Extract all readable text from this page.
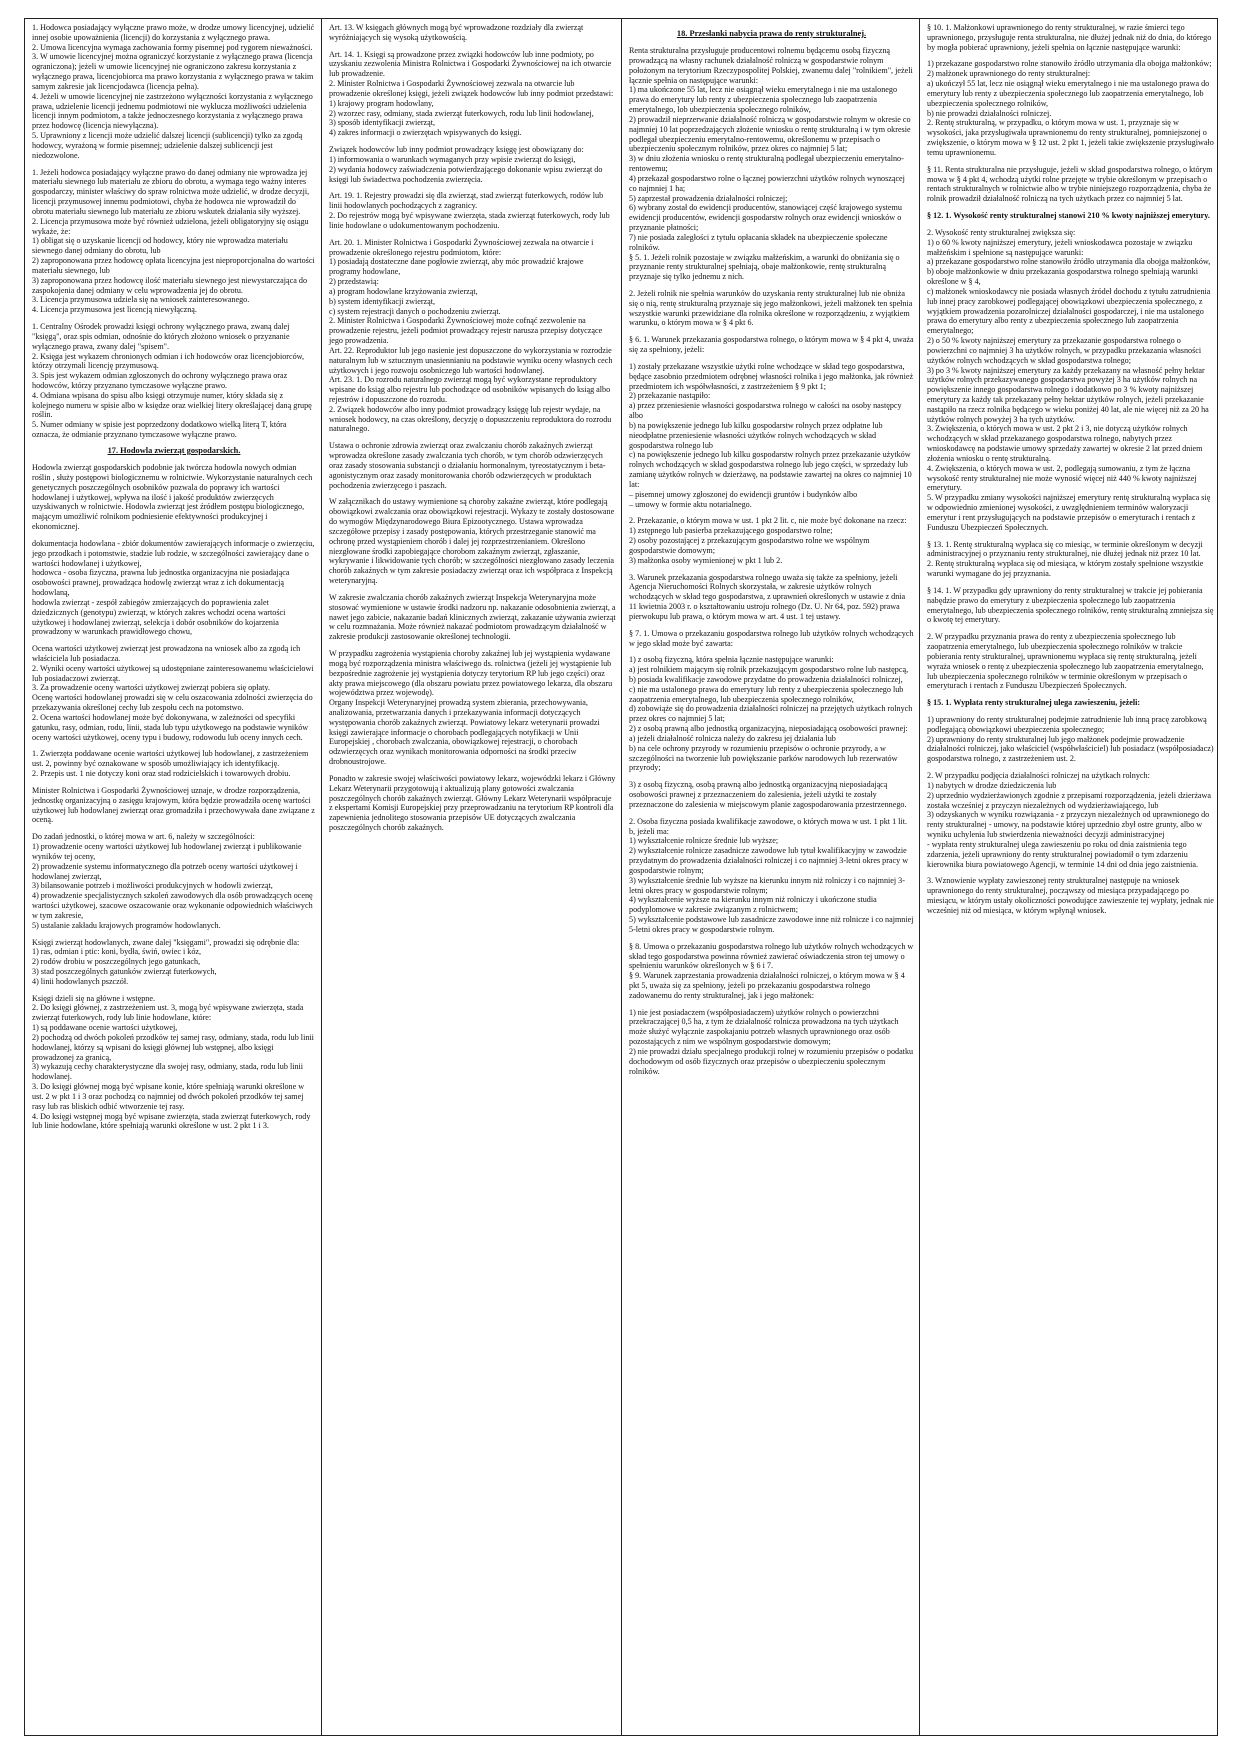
1. Hodowca posiadający wyłączne prawo może, w drodze umowy licencyjnej, udzielić innej osobie upoważnienia (licencji) do korzystania z wyłącznego prawa.
2. Umowa licencyjna wymaga zachowania formy pisemnej pod rygorem nieważności.
3. W umowie licencyjnej można ograniczyć korzystanie z wyłącznego prawa (licencja ograniczona); jeżeli w umowie licencyjnej nie ograniczono zakresu korzystania z wyłącznego prawa, licencjobiorca ma prawo korzystania z wyłącznego prawa w takim samym zakresie jak licencjodawca (licencja pełna).
4. Jeżeli w umowie licencyjnej nie zastrzeżono wyłączności korzystania z wyłącznego prawa, udzielenie licencji jednemu podmiotowi nie wyklucza możliwości udzielenia licencji innym podmiotom, a także jednoczesnego korzystania z wyłącznego prawa przez hodowcę (licencja niewyłączna).
5. Uprawniony z licencji może udzielić dalszej licencji (sublicencji) tylko za zgodą hodowcy, wyrażoną w formie pisemnej; udzielenie dalszej sublicencji jest niedozwolone.

1. Jeżeli hodowca posiadający wyłączne prawo do danej odmiany nie wprowadza jej materiału siewnego lub materiału ze zbioru do obrotu, a wymaga tego ważny interes gospodarczy, minister właściwy do spraw rolnictwa może udzielić, w drodze decyzji, licencji przymusowej innemu podmiotowi, chyba że hodowca nie wprowadził do obrotu materiału siewnego lub materiału ze zbioru wskutek działania siły wyższej.
2. Licencja przymusowa może być również udzielona, jeżeli obligatoryjny się osiągu wykaże, że:
1) obligat się o uzyskanie licencji od hodowcy, który nie wprowadza materiału siewnego danej odmiany do obrotu, lub
2) zaproponowana przez hodowcę opłata licencyjna jest nieproporcjonalna do wartości materiału siewnego, lub
3) zaproponowana przez hodowcę ilość materiału siewnego jest niewystarczająca do zaspokojenia danej odmiany w celu wprowadzenia jej do obrotu.
3. Licencja przymusowa udziela się na wniosek zainteresowanego.
4. Licencja przymusowa jest licencją niewyłączną.

1. Centralny Ośrodek prowadzi księgi ochrony wyłącznego prawa, zwaną dalej "księgą", oraz spis odmian, odnośnie do których złożono wniosek o przyznanie wyłącznego prawa, zwany dalej "spisem".
2. Księga jest wykazem chronionych odmian i ich hodowców oraz licencjobiorców, którzy otrzymali licencję przymusową.
3. Spis jest wykazem odmian zgłoszonych do ochrony wyłącznego prawa oraz hodowców, którzy przyznano tymczasowe wyłączne prawo.
4. Odmiana wpisana do spisu albo księgi otrzymuje numer, który składa się z kolejnego numeru w spisie albo w księdze oraz wielkiej litery określającej daną grupę roślin.
5. Numer odmiany w spisie jest poprzedzony dodatkowo wielką literą T, która oznacza, że odmianie przyznano tymczasowe wyłączne prawo.

17. Hodowla zwierząt gospodarskich.

Hodowla zwierząt gospodarskich podobnie jak twórcza hodowla nowych odmian roślin , służy postępowi biologicznemu w rolnictwie. Wykorzystanie naturalnych cech genetycznych poszczególnych osobników pozwala do poprawy ich wartości hodowlanej i użytkowej, wpływa na ilość i jakość produktów zwierzęcych uzyskiwanych w rolnictwie. Hodowla zwierząt jest źródłem postępu biologicznego, mającym umożliwić rolnikom podniesienie efektywności produkcyjnej i ekonomicznej.

dokumentacja hodowlana - zbiór dokumentów zawierających informacje o zwierzęciu, jego przodkach i potomstwie, stadzie lub rodzie, w szczególności zawierający dane o wartości hodowlanej i użytkowej,
hodowca - osoba fizyczna, prawna lub jednostka organizacyjna nie posiadająca osobowości prawnej, prowadząca hodowlę zwierząt wraz z ich dokumentacją hodowlaną,
hodowla zwierząt - zespół zabiegów zmierzających do poprawienia zalet dziedzicznych (genotypu) zwierząt, w których zakres wchodzi ocena wartości użytkowej i hodowlanej zwierząt, selekcja i dobór osobników do kojarzenia prowadzony w warunkach prawidłowego chowu,

Ocena wartości użytkowej zwierząt jest prowadzona na wniosek albo za zgodą ich właściciela lub posiadacza.
2. Wyniki oceny wartości użytkowej są udostępniane zainteresowanemu właścicielowi lub posiadaczowi zwierząt.
3. Za prowadzenie oceny wartości użytkowej zwierząt pobiera się opłaty.
Ocenę wartości hodowlanej prowadzi się w celu oszacowania zdolności zwierzęcia do przekazywania określonej cechy lub zespołu cech na potomstwo.
2. Ocena wartości hodowlanej może być dokonywana, w zależności od specyfiki gatunku, rasy, odmian, rodu, linii, stada lub typu użytkowego na podstawie wyników oceny wartości użytkowej, oceny typu i budowy, rodowodu lub oceny innych cech.

1. Zwierzęta poddawane ocenie wartości użytkowej lub hodowlanej, z zastrzeżeniem ust. 2, powinny być oznakowane w sposób umożliwiający ich identyfikację.
2. Przepis ust. 1 nie dotyczy koni oraz stad rodzicielskich i towarowych drobiu.

Minister Rolnictwa i Gospodarki Żywnościowej uznaje, w drodze rozporządzenia, jednostkę organizacyjną o zasięgu krajowym, która będzie prowadziła ocenę wartości użytkowej lub hodowlanej zwierząt oraz gromadziła i przechowywała dane związane z oceną.

Do zadań jednostki, o której mowa w art. 6, należy w szczególności:
1) prowadzenie oceny wartości użytkowej lub hodowlanej zwierząt i publikowanie wyników tej oceny,
2) prowadzenie systemu informatycznego dla potrzeb oceny wartości użytkowej i hodowlanej zwierząt,
3) bilansowanie potrzeb i możliwości produkcyjnych w hodowli zwierząt,
4) prowadzenie specjalistycznych szkoleń zawodowych dla osób prowadzących ocenę wartości użytkowej, szacowe oszacowanie oraz wykonanie odpowiednich właściwych w tym zakresie,
5) ustalanie zakładu krajowych programów hodowlanych.

Księgi zwierząt hodowlanych, zwane dalej "księgami", prowadzi się odrębnie dla:
1) ras, odmian i ptic: koni, bydła, świń, owiec i kóz,
2) rodów drobiu w poszczególnych jego gatunkach,
3) stad poszczególnych gatunków zwierząt futerkowych,
4) linii hodowlanych pszczół.

Księgi dzieli się na główne i wstępne.
2. Do księgi głównej, z zastrzeżeniem ust. 3, mogą być wpisywane zwierzęta, stada zwierząt futerkowych, rody lub linie hodowlane, które:
1) są poddawane ocenie wartości użytkowej,
2) pochodzą od dwóch pokoleń przodków tej samej rasy, odmiany, stada, rodu lub linii hodowlanej, którzy są wpisani do księgi głównej lub wstępnej, albo księgi prowadzonej za granicą,
3) wykazują cechy charakterystyczne dla swojej rasy, odmiany, stada, rodu lub linii hodowlanej.
3. Do księgi głównej mogą być wpisane konie, które spełniają warunki określone w ust. 2 w pkt 1 i 3 oraz pochodzą co najmniej od dwóch pokoleń przodków tej samej rasy lub ras bliskich odbić wtworzenie tej rasy.
4. Do księgi wstępnej mogą być wpisane zwierzęta, stada zwierząt futerkowych, rody lub linie hodowlane, które spełniają warunki określone w ust. 2 pkt 1 i 3.

Art. 13. W księgach głównych mogą być wprowadzone rozdziały dla zwierząt wyróżniających się wysoką użytkowością.

Art. 14. 1. Księgi są prowadzone przez związki hodowców lub inne podmioty, po uzyskaniu zezwolenia Ministra Rolnictwa i Gospodarki Żywnościowej na ich otwarcie lub prowadzenie.
2. Minister Rolnictwa i Gospodarki Żywnościowej zezwala na otwarcie lub prowadzenie określonej księgi, jeżeli związek hodowców lub inny podmiot przedstawi:
1) krajowy program hodowlany,
2) wzorzec rasy, odmiany, stada zwierząt futerkowych, rodu lub linii hodowlanej,
3) sposób identyfikacji zwierząt,
4) zakres informacji o zwierzętach wpisywanych do księgi.

Związek hodowców lub inny podmiot prowadzący księgę jest obowiązany do:
1) informowania o warunkach wymaganych przy wpisie zwierząt do księgi,
2) wydania hodowcy zaświadczenia potwierdzającego dokonanie wpisu zwierząt do księgi lub świadectwa pochodzenia zwierzęcia.

Art. 19. 1. Rejestry prowadzi się dla zwierząt, stad zwierząt futerkowych, rodów lub linii hodowlanych pochodzących z zagranicy.
2. Do rejestrów mogą być wpisywane zwierzęta, stada zwierząt futerkowych, rody lub linie hodowlane o udokumentowanym pochodzeniu.

Art. 20. 1. Minister Rolnictwa i Gospodarki Żywnościowej zezwala na otwarcie i prowadzenie określonego rejestru podmiotom, które:
1) posiadają dostateczne dane pogłowie zwierząt, aby móc prowadzić krajowe programy hodowlane,
2) przedstawią:
a) program hodowlane krzyżowania zwierząt,
b) system identyfikacji zwierząt,
c) system rejestracji danych o pochodzeniu zwierząt.
2. Minister Rolnictwa i Gospodarki Żywnościowej może cofnąć zezwolenie na prowadzenie rejestru, jeżeli podmiot prowadzący rejestr narusza przepisy dotyczące jego prowadzenia.
Art. 22. Reproduktor lub jego nasienie jest dopuszczone do wykorzystania w rozrodzie naturalnym lub w sztucznym unasiennianiu na podstawie wyniku oceny własnych cech użytkowych i jego rozwoju osobniczego lub wartości hodowlanej.
Art. 23. 1. Do rozrodu naturalnego zwierząt mogą być wykorzystane reproduktory wpisane do ksiąg albo rejestru lub pochodzące od osobników wpisanych do ksiąg albo rejestrów i dopuszczone do rozrodu.
2. Związek hodowców albo inny podmiot prowadzący księgę lub rejestr wydaje, na wniosek hodowcy, na czas określony, decyzję o dopuszczeniu reproduktora do rozrodu naturalnego.

Ustawa o ochronie zdrowia zwierząt oraz zwalczaniu chorób zakaźnych zwierząt wprowadza określone zasady zwalczania tych chorób, w tym chorób odzwierzęcych oraz zasady stosowania substancji o działaniu hormonalnym, tyreostatycznym i beta- agonistycznym oraz zasady monitorowania chorób odzwierzęcych w produktach pochodzenia zwierzęcego i paszach.

W załącznikach do ustawy wymienione są choroby zakaźne zwierząt, które podlegają obowiązkowi zwalczania oraz obowiązkowi rejestracji. Wykazy te zostały dostosowane do wymogów Międzynarodowego Biura Epizootycznego. Ustawa wprowadza szczegółowe przepisy i zasady postępowania, których przestrzeganie stanowić ma ochronę przed wystąpieniem chorób i dalej jej rozprzestrzenianiem. Określono niezgłowane środki zapobiegające chorobom zakaźnym zwierząt, zgłaszanie, wykrywanie i likwidowanie tych chorób; w szczególności niezgłowano zasady leczenia chorób zakaźnych w tym zakresie posiadaczy zwierząt oraz ich współpraca z Inspekcją weterynaryjną.

W zakresie zwalczania chorób zakaźnych zwierząt Inspekcja Weterynaryjna może stosować wymienione w ustawie środki nadzoru np. nakazanie odosobnienia zwierząt, a nawet jego zabicie, nakazanie badań klinicznych zwierząt, zakazanie używania zwierząt w celu rozmnażania. Może również nakazać podmiotom prowadzącym działalność w zakresie produkcji zastosowanie określonej technologii.

W przypadku zagrożenia wystąpienia choroby zakaźnej lub jej wystąpienia wydawane mogą być rozporządzenia ministra właściwego ds. rolnictwa (jeżeli jej wystąpienie lub bezpośrednie zagrożenie jej wystąpienia dotyczy terytorium RP lub jego części) oraz akty prawa miejscowego (dla obszaru powiatu przez powiatowego lekarza, dla obszaru województwa przez wojewodę).
Organy Inspekcji Weterynaryjnej prowadzą system zbierania, przechowywania, analizowania, przetwarzania danych i przekazywania informacji dotyczących występowania chorób zakaźnych zwierząt. Powiatowy lekarz weterynarii prowadzi księgi zawierające informacje o chorobach podlegających notyfikacji w Unii Europejskiej , chorobach zwalczania, obowiązkowej rejestracji, o chorobach odzwierzęcych oraz wynikach monitorowania odporności na środki przeciw drobnoustrojowe.

Ponadto w zakresie swojej właściwości powiatowy lekarz, wojewódzki lekarz i Główny Lekarz Weterynarii przygotowują i aktualizują plany gotowości zwalczania poszczególnych chorób zakaźnych zwierząt. Główny Lekarz Weterynarii współpracuje z ekspertami Komisji Europejskiej przy przeprowadzaniu na terytorium RP kontroli dla zapewnienia jednolitego stosowania przepisów UE dotyczących zwalczania poszczególnych chorób zakaźnych.

18. Przesłanki nabycia prawa do renty strukturalnej.

Renta strukturalna przysługuje producentowi rolnemu będącemu osobą fizyczną prowadzącą na własny rachunek działalność rolniczą w gospodarstwie rolnym położonym na terytorium Rzeczypospolitej Polskiej, zwanemu dalej "rolnikiem", jeżeli łącznie spełnia on następujące warunki:
1) ma ukończone 55 lat, lecz nie osiągnął wieku emerytalnego i nie ma ustalonego prawa do emerytury lub renty z ubezpieczenia społecznego lub zaopatrzenia emerytalnego, lob ubezpieczenia społecznego rolników,
2) prowadził nieprzerwanie działalność rolniczą w gospodarstwie rolnym w okresie co najmniej 10 lat poprzedzających złożenie wniosku o rentę strukturalną i w tym okresie podlegał ubezpieczeniu emerytalno-rentowemu, określonemu w przepisach o ubezpieczeniu społecznym rolników, przez okres co najmniej 5 lat;
3) w dniu złożenia wniosku o rentę strukturalną podlegał ubezpieczeniu emerytalno-rentowemu;
4) przekazał gospodarstwo rolne o łącznej powierzchni użytków rolnych wynoszącej co najmniej 1 ha;
5) zaprzestał prowadzenia działalności rolniczej;
6) wybrany został do ewidencji producentów, stanowiącej część krajowego systemu ewidencji producentów, ewidencji gospodarstw rolnych oraz ewidencji wniosków o przyznanie płatności;
7) nie posiada zaległości z tytułu opłacania składek na ubezpieczenie społeczne rolników.
§ 5. 1. Jeżeli rolnik pozostaje w związku małżeńskim, a warunki do obniżania się o przyznanie renty strukturalnej spełniają, obaje małżonkowie, rentę strukturalną przyznaje się tylko jednemu z nich.

2. Jeżeli rolnik nie spełnia warunków do uzyskania renty strukturalnej lub nie obniża się o nią, rentę strukturalną przyznaje się jego małżonkowi, jeżeli małżonek ten spełnia wszystkie warunki przewidziane dla rolnika określone w rozporządzeniu, z wyjątkiem warunku, o którym mowa w § 4 pkt 6.

§ 6. 1. Warunek przekazania gospodarstwa rolnego, o którym mowa w § 4 pkt 4, uważa się za spełniony, jeżeli:

1) zostały przekazane wszystkie użytki rolne wchodzące w skład tego gospodarstwa, będące zasobnio przedmiotem odrębnej własności rolnika i jego małżonka, jak również przedmiotem ich współwłasności, z zastrzeżeniem § 9 pkt 1;
2) przekazanie nastąpiło:
a) przez przeniesienie własności gospodarstwa rolnego w całości na osoby następcy albo
b) na powiększenie jednego lub kilku gospodarstw rolnych przez odpłatne lub nieodpłatne przeniesienie własności użytków rolnych wchodzących w skład gospodarstwa rolnego lub
c) na powiększenie jednego lub kilku gospodarstw rolnych przez przekazanie użytków rolnych wchodzących w skład gospodarstwa rolnego lub jego części, w sprzedaży lub zamianę użytków rolnych w dzierżawę, na podstawie zawartej na okres co najmniej 10 lat:
– pisemnej umowy zgłoszonej do ewidencji gruntów i budynków albo
– umowy w formie aktu notarialnego.

2. Przekazanie, o którym mowa w ust. 1 pkt 2 lit. c, nie może być dokonane na rzecz:
1) zstępnego lub pasierba przekazującego gospodarstwo rolne;
2) osoby pozostającej z przekazującym gospodarstwo rolne we wspólnym gospodarstwie domowym;
3) małżonka osoby wymienionej w pkt 1 lub 2.

3. Warunek przekazania gospodarstwa rolnego uważa się także za spełniony, jeżeli Agencja Nieruchomości Rolnych skorzystała, w zakresie użytków rolnych wchodzących w skład tego gospodarstwa, z uprawnień określonych w ustawie z dnia 11 kwietnia 2003 r. o kształtowaniu ustroju rolnego (Dz. U. Nr 64, poz. 592) prawa pierwokupu lub prawa, o którym mowa w art. 4 ust. 1 tej ustawy.

§ 7. 1. Umowa o przekazaniu gospodarstwa rolnego lub użytków rolnych wchodzących w jego skład może być zawarta:

1) z osobą fizyczną, która spełnia łącznie następujące warunki:
a) jest rolnikiem mającym się rolnik przekazującym gospodarstwo rolne lub następcą,
b) posiada kwalifikacje zawodowe przydatne do prowadzenia działalności rolniczej,
c) nie ma ustalonego prawa do emerytury lub renty z ubezpieczenia społecznego lub zaopatrzenia emerytalnego, lub ubezpieczenia społecznego rolników,
d) zobowiąże się do prowadzenia działalności rolniczej na przejętych użytkach rolnych przez okres co najmniej 5 lat;
2) z osobą prawną albo jednostką organizacyjną, nieposiadającą osobowości prawnej:
a) jeżeli działalność rolnicza należy do zakresu jej działania lub
b) na cele ochrony przyrody w rozumieniu przepisów o ochronie przyrody, a w szczególności na tworzenie lub powiększanie parków narodowych lub rezerwatów przyrody;

3) z osobą fizyczną, osobą prawną albo jednostką organizacyjną nieposiadającą osobowości prawnej z przeznaczeniem do zalesienia, jeżeli użytki te zostały przeznaczone do zalesienia w miejscowym planie zagospodarowania przestrzennego.

2. Osoba fizyczna posiada kwalifikacje zawodowe, o których mowa w ust. 1 pkt 1 lit. b, jeżeli ma:
1) wykształcenie rolnicze średnie lub wyższe;
2) wykształcenie rolnicze zasadnicze zawodowe lub tytuł kwalifikacyjny w zawodzie przydatnym do prowadzenia działalności rolniczej i co najmniej 3-letni okres pracy w gospodarstwie rolnym;
3) wykształcenie średnie lub wyższe na kierunku innym niż rolniczy i co najmniej 3-letni okres pracy w gospodarstwie rolnym;
4) wykształcenie wyższe na kierunku innym niż rolniczy i ukończone studia podyplomowe w zakresie związanym z rolnictwem;
5) wykształcenie podstawowe lub zasadnicze zawodowe inne niż rolnicze i co najmniej 5-letni okres pracy w gospodarstwie rolnym.

§ 8. Umowa o przekazaniu gospodarstwa rolnego lub użytków rolnych wchodzących w skład tego gospodarstwa powinna również zawierać oświadczenia stron tej umowy o spełnieniu warunków określonych w § 6 i 7.
§ 9. Warunek zaprzestania prowadzenia działalności rolniczej, o którym mowa w § 4 pkt 5, uważa się za spełniony, jeżeli po przekazaniu gospodarstwa rolnego zadowanemu do renty strukturalnej, jak i jego małżonek:

1) nie jest posiadaczem (współposiadaczem) użytków rolnych o powierzchni przekraczającej 0,5 ha, z tym że działalność rolnicza prowadzona na tych użytkach może służyć wyłącznie zaspokajaniu potrzeb własnych uprawnionego oraz osób pozostających z nim we wspólnym gospodarstwie domowym;
2) nie prowadzi działu specjalnego produkcji rolnej w rozumieniu przepisów o podatku dochodowym od osób fizycznych oraz przepisów o ubezpieczeniu społecznym rolników.

§ 10. 1. Małżonkowi uprawnionego do renty strukturalnej, w razie śmierci tego uprawnionego, przysługuje renta strukturalna, nie dłużej jednak niż do dnia, do którego by mogła pobierać uprawniony, jeżeli spełnia on łącznie następujące warunki:

1) przekazane gospodarstwo rolne stanowiło źródło utrzymania dla obojga małżonków;
2) małżonek uprawnionego do renty strukturalnej:
a) ukończył 55 lat, lecz nie osiągnął wieku emerytalnego i nie ma ustalonego prawa do emerytury lub renty z ubezpieczenia społecznego lub zaopatrzenia emerytalnego, lob ubezpieczenia społecznego rolników,
b) nie prowadzi działalności rolniczej.
2. Rentę strukturalną, w przypadku, o którym mowa w ust. 1, przyznaje się w wysokości, jaka przysługiwała uprawnionemu do renty strukturalnej, pomniejszonej o zwiększenie, o którym mowa w § 12 ust. 2 pkt 1, jeżeli takie zwiększenie przysługiwało temu uprawnionemu.

§ 11. Renta strukturalna nie przysługuje, jeżeli w skład gospodarstwa rolnego, o którym mowa w § 4 pkt 4, wchodzą użytki rolne przejęte w trybie określonym w przepisach o rentach strukturalnych w rolnictwie albo w trybie niniejszego rozporządzenia, chyba że rolnik prowadził działalność rolniczą na tych użytkach przez co najmniej 5 lat.

§ 12. 1. Wysokość renty strukturalnej stanowi 210 % kwoty najniższej emerytury.

2. Wysokość renty strukturalnej zwiększa się:
1) o 60 % kwoty najniższej emerytury, jeżeli wnioskodawca pozostaje w związku małżeńskim i spełnione są następujące warunki:
a) przekazane gospodarstwo rolne stanowiło źródło utrzymania dla obojga małżonków,
b) oboje małżonkowie w dniu przekazania gospodarstwa rolnego spełniają warunki określone w § 4,
c) małżonek wnioskodawcy nie posiada własnych źródeł dochodu z tytułu zatrudnienia lub innej pracy zarobkowej podlegającej obowiązkowi ubezpieczenia społecznego, z wyjątkiem prowadzenia pozarolniczej działalności gospodarczej, i nie ma ustalonego prawa do emerytury albo renty z ubezpieczenia społecznego lub zaopatrzenia emerytalnego;
2) o 50 % kwoty najniższej emerytury za przekazanie gospodarstwa rolnego o powierzchni co najmniej 3 ha użytków rolnych, w przypadku przekazania własności użytków rolnych wchodzących w skład gospodarstwa rolnego;
3) po 3 % kwoty najniższej emerytury za każdy przekazany na własność pełny hektar użytków rolnych przekazywanego gospodarstwa powyżej 3 ha użytków rolnych na powiększenie innego gospodarstwa rolnego i dodatkowo po 3 % kwoty najniższej emerytury za każdy tak przekazany pełny hektar użytków rolnych, jeżeli przekazanie nastąpiło na rzecz rolnika będącego w wieku poniżej 40 lat, ale nie więcej niż za 20 ha użytków rolnych powyżej 3 ha tych użytków.
3. Zwiększenia, o których mowa w ust. 2 pkt 2 i 3, nie dotyczą użytków rolnych wchodzących w skład przekazanego gospodarstwa rolnego, nabytych przez wnioskodawcę na podstawie umowy sprzedaży zawartej w okresie 2 lat przed dniem złożenia wniosku o rentę strukturalną.
4. Zwiększenia, o których mowa w ust. 2, podlegają sumowaniu, z tym że łączna wysokość renty strukturalnej nie może wynosić więcej niż 440 % kwoty najniższej emerytury.
5. W przypadku zmiany wysokości najniższej emerytury rentę strukturalną wypłaca się w odpowiednio zmienionej wysokości, z uwzględnieniem terminów waloryzacji emerytur i rent przysługujących na podstawie przepisów o emeryturach i rentach z Funduszu Ubezpieczeń Społecznych.

§ 13. 1. Rentę strukturalną wypłaca się co miesiąc, w terminie określonym w decyzji administracyjnej o przyznaniu renty strukturalnej, nie dłużej jednak niż przez 10 lat.
2. Rentę strukturalną wypłaca się od miesiąca, w którym zostały spełnione wszystkie warunki wymagane do jej przyznania.

§ 14. 1. W przypadku gdy uprawniony do renty strukturalnej w trakcie jej pobierania nabędzie prawo do emerytury z ubezpieczenia społecznego lub zaopatrzenia emerytalnego, lub ubezpieczenia społecznego rolników, rentę strukturalną zmniejsza się o kwotę tej emerytury.

2. W przypadku przyznania prawa do renty z ubezpieczenia społecznego lub zaopatrzenia emerytalnego, lub ubezpieczenia społecznego rolników w trakcie pobierania renty strukturalnej, uprawnionemu wypłaca się rentę strukturalną, jeżeli wyraża wniosek o rentę z ubezpieczenia społecznego lub zaopatrzenia emerytalnego, lub ubezpieczenia społecznego rolników w terminie określonym w przepisach o emeryturach i rentach z Funduszu Ubezpieczeń Społecznych.

§ 15. 1. Wypłata renty strukturalnej ulega zawieszeniu, jeżeli:

1) uprawniony do renty strukturalnej podejmie zatrudnienie lub inną pracę zarobkową podlegającą obowiązkowi ubezpieczenia społecznego;
2) uprawniony do renty strukturalnej lub jego małżonek podejmie prowadzenie działalności rolniczej, jako właściciel (współwłaściciel) lub posiadacz (współposiadacz) gospodarstwa rolnego, z zastrzeżeniem ust. 2.

2. W przypadku podjęcia działalności rolniczej na użytkach rolnych:
1) nabytych w drodze dziedziczenia lub
2) uprzednio wydzierżawionych zgodnie z przepisami rozporządzenia, jeżeli dzierżawa została wcześniej z przyczyn niezależnych od wydzierżawiającego, lub
3) odzyskanych w wyniku rozwiązania - z przyczyn niezależnych od uprawnionego do renty strukturalnej - umowy, na podstawie której uprzednio zbył ostre grunty, albo w wyniku uchylenia lub stwierdzenia nieważności decyzji administracyjnej
- wypłata renty strukturalnej ulega zawieszeniu po roku od dnia zaistnienia tego zdarzenia, jeżeli uprawniony do renty strukturalnej powiadomił o tym zdarzeniu kierownika biura powiatowego Agencji, w terminie 14 dni od dnia jego zaistnienia.

3. Wznowienie wypłaty zawieszonej renty strukturalnej następuje na wniosek uprawnionego do renty strukturalnej, począwszy od miesiąca przypadającego po miesiącu, w którym ustały okoliczności powodujące zawieszenie tej wypłaty, jednak nie wcześniej niż od miesiąca, w którym wpłynął wniosek.
